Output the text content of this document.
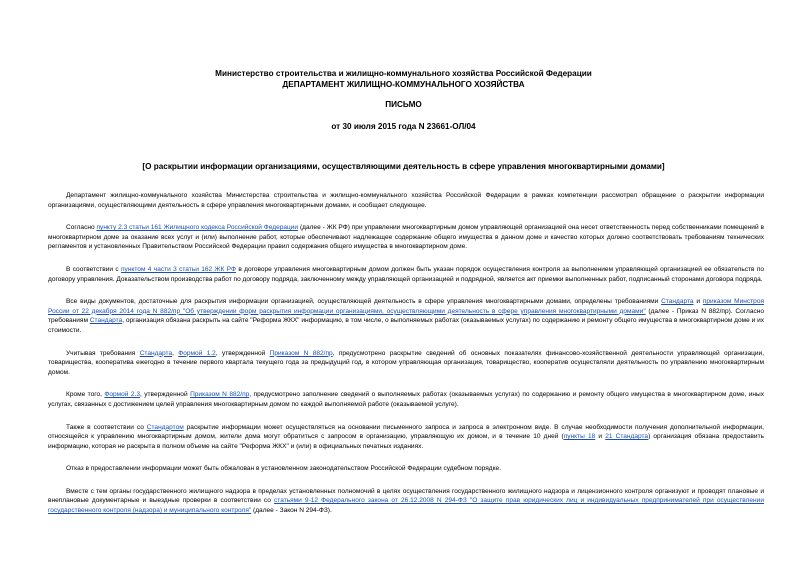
Министерство строительства и жилищно-коммунального хозяйства Российской Федерации
ДЕПАРТАМЕНТ ЖИЛИЩНО-КОММУНАЛЬНОГО ХОЗЯЙСТВА
ПИСЬМО
от 30 июля 2015 года N 23661-ОЛ/04
[О раскрытии информации организациями, осуществляющими деятельность в сфере управления многоквартирными домами]

Департамент жилищно-коммунального хозяйства Министерства строительства и жилищно-коммунального хозяйства Российской Федерации в рамках компетенции рассмотрел обращение о раскрытии информации организациями, осуществляющими деятельность в сфере управления многоквартирными домами, и сообщает следующее.

Согласно пункту 2.3 статьи 161 Жилищного кодекса Российской Федерации (далее - ЖК РФ) при управлении многоквартирным домом управляющей организацией она несет ответственность перед собственниками помещений в многоквартирном доме за оказание всех услуг и (или) выполнение работ, которые обеспечивают надлежащее содержание общего имущества в данном доме и качество которых должно соответствовать требованиям технических регламентов и установленных Правительством Российской Федерации правил содержания общего имущества в многоквартирном доме.

В соответствии с пунктом 4 части 3 статьи 162 ЖК РФ в договоре управления многоквартирным домом должен быть указан порядок осуществления контроля за выполнением управляющей организацией ее обязательств по договору управления. Доказательством производства работ по договору подряда, заключенному между управляющей организацией и подрядной, является акт приемки выполненных работ, подписанный сторонами договора подряда.

Все виды документов, достаточные для раскрытия информации организацией, осуществляющей деятельность в сфере управления многоквартирными домами, определены требованиями Стандарта и приказом Минстроя России от 22 декабря 2014 года N 882/пр "Об утверждении форм раскрытия информации организациями, осуществляющими деятельность в сфере управления многоквартирными домами" (далее - Приказ N 882/пр). Согласно требованиям Стандарта, организация обязана раскрыть на сайте "Реформа ЖКХ" информацию, в том числе, о выполняемых работах (оказываемых услугах) по содержанию и ремонту общего имущества в многоквартирном доме и их стоимости.

Учитывая требования Стандарта, Формой 1.2, утвержденной Приказом N 882/пр, предусмотрено раскрытие сведений об основных показателях финансово-хозяйственной деятельности управляющей организации, товарищества, кооператива ежегодно в течение первого квартала текущего года за предыдущий год, в котором управляющая организация, товарищество, кооператив осуществляли деятельность по управлению многоквартирным домом.

Кроме того, Формой 2.3, утвержденной Приказом N 882/пр, предусмотрено заполнение сведений о выполняемых работах (оказываемых услугах) по содержанию и ремонту общего имущества в многоквартирном доме, иных услугах, связанных с достижением целей управления многоквартирным домом по каждой выполняемой работе (оказываемой услуге).

Также в соответствии со Стандартом раскрытие информации может осуществляться на основании письменного запроса и запроса в электронном виде. В случае необходимости получения дополнительной информации, относящейся к управлению многоквартирным домом, жители дома могут обратиться с запросом в организацию, управляющую их домом, и в течение 10 дней (пункты 18 и 21 Стандарта) организация обязана предоставить информацию, которая не раскрыта в полном объеме на сайте "Реформа ЖКХ" и (или) в официальных печатных изданиях.

Отказ в предоставлении информации может быть обжалован в установленном законодательством Российской Федерации судебном порядке.

Вместе с тем органы государственного жилищного надзора в пределах установленных полномочий в целях осуществления государственного жилищного надзора и лицензионного контроля организуют и проводят плановые и внеплановые документарные и выездные проверки в соответствии со статьями 9-12 Федерального закона от 26.12.2008 N 294-ФЗ "О защите прав юридических лиц и индивидуальных предпринимателей при осуществлении государственного контроля (надзора) и муниципального контроля" (далее - Закон N 294-ФЗ).
